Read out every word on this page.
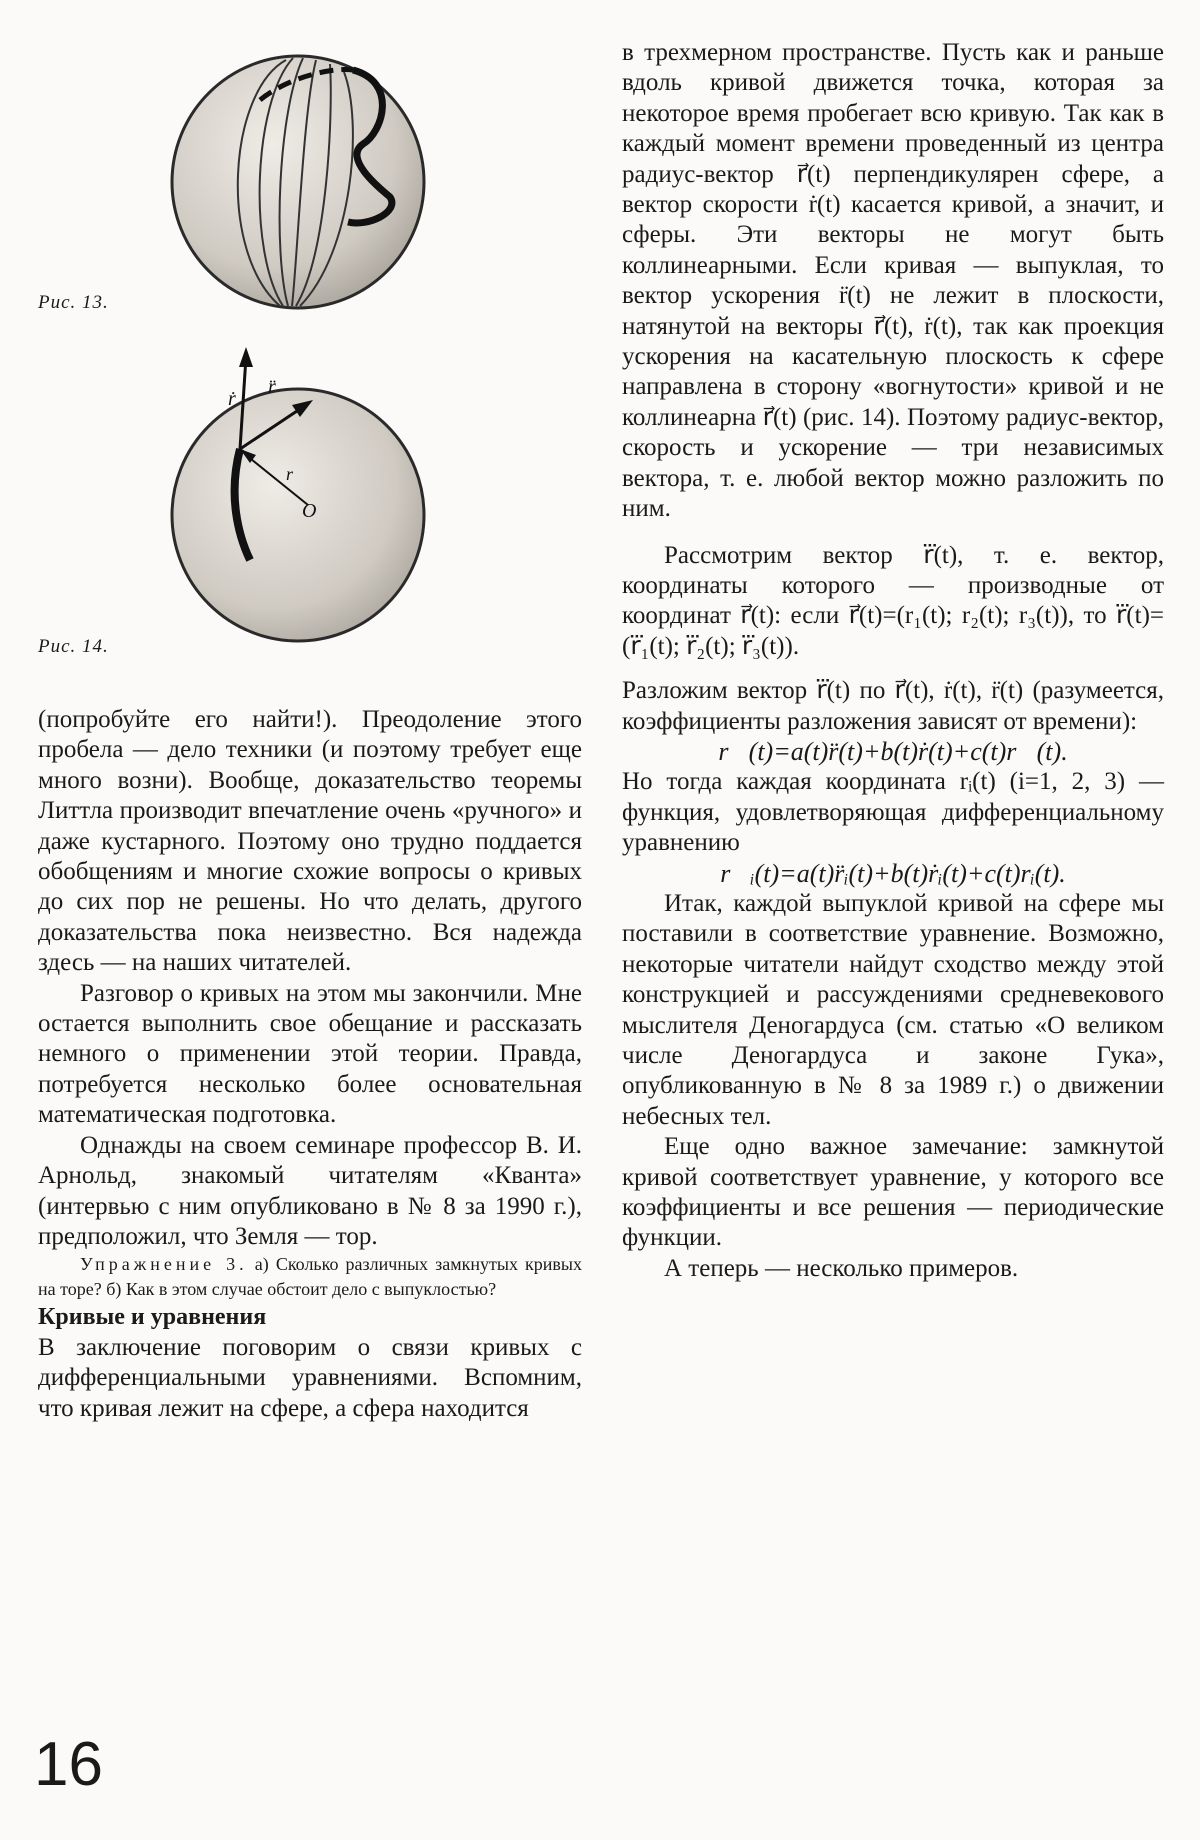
Рис. 13.
ṙ
r̈
r
O
Рис. 14.

(попробуйте его найти!). Преодоление этого пробела — дело техники (и поэтому требует еще много возни). Вообще, доказательство теоремы Литтла производит впечатление очень «ручного» и даже кустарного. Поэтому оно трудно поддается обобщениям и многие схожие вопросы о кривых до сих пор не решены. Но что делать, другого доказательства пока неизвестно. Вся надежда здесь — на наших читателей.

Разговор о кривых на этом мы закончили. Мне остается выполнить свое обещание и рассказать немного о применении этой теории. Правда, потребуется несколько более основательная математическая подготовка.

Однажды на своем семинаре профессор В. И. Арнольд, знакомый читателям «Кванта» (интервью с ним опубликовано в № 8 за 1990 г.), предположил, что Земля — тор.

Упражнение 3. а) Сколько различных замкнутых кривых на торе? б) Как в этом случае обстоит дело с выпуклостью?

Кривые и уравнения

В заключение поговорим о связи кривых с дифференциальными уравнениями. Вспомним, что кривая лежит на сфере, а сфера находится

в трехмерном пространстве. Пусть как и раньше вдоль кривой движется точка, которая за некоторое время пробегает всю кривую. Так как в каждый момент времени проведенный из центра радиус-вектор r⃗(t) перпендикулярен сфере, а вектор скорости ṙ(t) касается кривой, а значит, и сферы. Эти векторы не могут быть коллинеарными. Если кривая — выпуклая, то вектор ускорения r̈(t) не лежит в плоскости, натянутой на векторы r⃗(t), ṙ(t), так как проекция ускорения на касательную плоскость к сфере направлена в сторону «вогнутости» кривой и не коллинеарна r⃗(t) (рис. 14). Поэтому радиус-вектор, скорость и ускорение — три независимых вектора, т. е. любой вектор можно разложить по ним.

Рассмотрим вектор r⃛(t), т. е. вектор, координаты которого — производные от координат r⃗(t): если r⃗(t)=(r₁(t); r₂(t); r₃(t)), то r⃛(t)=(r⃛₁(t); r⃛₂(t); r⃛₃(t)).

Разложим вектор r⃛(t) по r⃗(t), ṙ(t), r̈(t) (разумеется, коэффициенты разложения зависят от времени):

r⃛(t)=a(t)r̈(t)+b(t)ṙ(t)+c(t)r⃗(t).

Но тогда каждая координата rᵢ(t) (i=1, 2, 3) — функция, удовлетворяющая дифференциальному уравнению

r⃛ᵢ(t)=a(t)r̈ᵢ(t)+b(t)ṙᵢ(t)+c(t)rᵢ(t).

Итак, каждой выпуклой кривой на сфере мы поставили в соответствие уравнение. Возможно, некоторые читатели найдут сходство между этой конструкцией и рассуждениями средневекового мыслителя Деногардуса (см. статью «О великом числе Деногардуса и законе Гука», опубликованную в № 8 за 1989 г.) о движении небесных тел.

Еще одно важное замечание: замкнутой кривой соответствует уравнение, у которого все коэффициенты и все решения — периодические функции.

А теперь — несколько примеров.

16
